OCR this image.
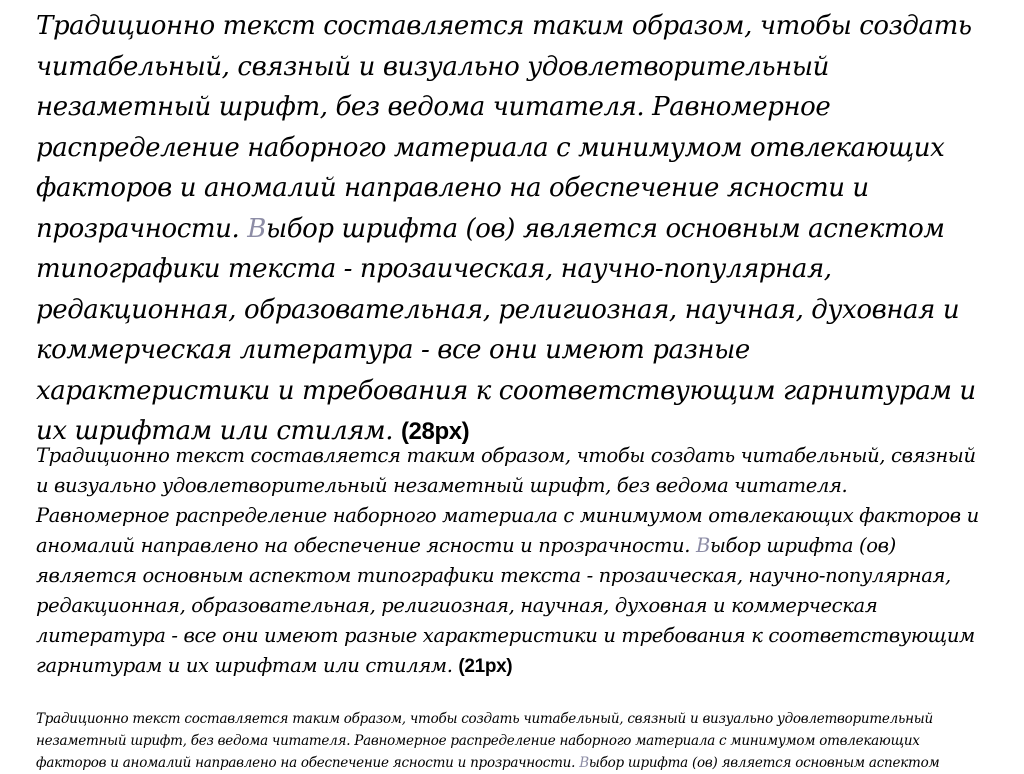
Традиционно текст составляется таким образом, чтобы создать читабельный, связный и визуально удовлетворительный незаметный шрифт, без ведома читателя. Равномерное распределение наборного материала с минимумом отвлекающих факторов и аномалий направлено на обеспечение ясности и прозрачности. Выбор шрифта (ов) является основным аспектом типографики текста - прозаическая, научно-популярная, редакционная, образовательная, религиозная, научная, духовная и коммерческая литература - все они имеют разные характеристики и требования к соответствующим гарнитурам и их шрифтам или стилям. (28px)

Традиционно текст составляется таким образом, чтобы создать читабельный, связный и визуально удовлетворительный незаметный шрифт, без ведома читателя. Равномерное распределение наборного материала с минимумом отвлекающих факторов и аномалий направлено на обеспечение ясности и прозрачности. Выбор шрифта (ов) является основным аспектом типографики текста - прозаическая, научно-популярная, редакционная, образовательная, религиозная, научная, духовная и коммерческая литература - все они имеют разные характеристики и требования к соответствующим гарнитурам и их шрифтам или стилям. (21px)

Традиционно текст составляется таким образом, чтобы создать читабельный, связный и визуально удовлетворительный незаметный шрифт, без ведома читателя. Равномерное распределение наборного материала с минимумом отвлекающих факторов и аномалий направлено на обеспечение ясности и прозрачности. Выбор шрифта (ов) является основным аспектом
